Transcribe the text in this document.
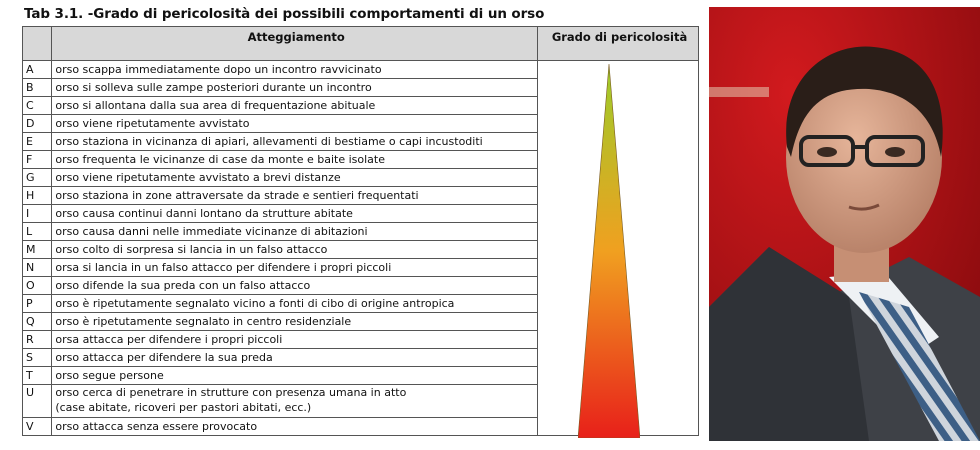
Tab 3.1. -Grado di pericolosità dei possibili comportamenti di un orso
	Atteggiamento	Grado di pericolosità
A	orso scappa immediatamente dopo un incontro ravvicinato	
B	orso si solleva sulle zampe posteriori durante un incontro	
C	orso si allontana dalla sua area di frequentazione abituale	
D	orso viene ripetutamente avvistato	
E	orso staziona in vicinanza di apiari, allevamenti di bestiame o capi incustoditi	
F	orso frequenta le vicinanze di case da monte e baite isolate	
G	orso viene ripetutamente avvistato a brevi distanze	
H	orso staziona in zone attraversate da strade e sentieri frequentati	
I	orso causa continui danni lontano da strutture abitate	
L	orso causa danni nelle immediate vicinanze di abitazioni	
M	orso colto di sorpresa si lancia in un falso attacco	
N	orsa si lancia in un falso attacco per difendere i propri piccoli	
O	orso difende la sua preda con un falso attacco	
P	orso è ripetutamente segnalato vicino a fonti di cibo di origine antropica	
Q	orso è ripetutamente segnalato in centro residenziale	
R	orsa attacca per difendere i propri piccoli	
S	orso attacca per difendere la sua preda	
T	orso segue persone	
U	orso cerca di penetrare in strutture con presenza umana in atto
(case abitate, ricoveri per pastori abitati, ecc.)	

V	orso attacca senza essere provocato	
